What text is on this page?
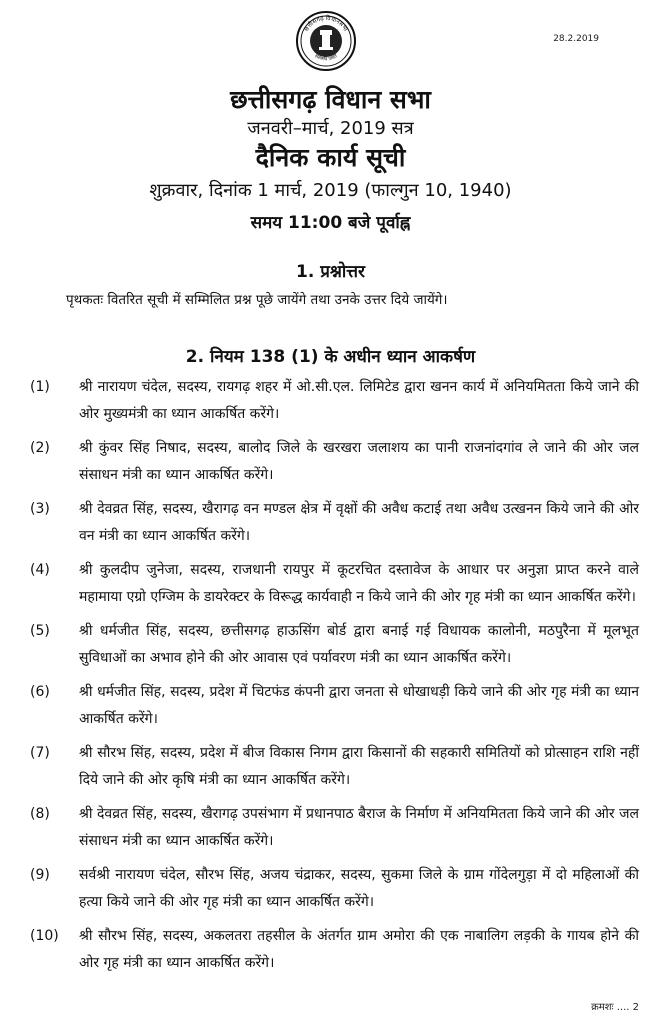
28.2.2019
छत्तीसगढ़ विधानसभा
सत्यमेव जयते
छत्तीसगढ़ विधान सभा
जनवरी–मार्च, 2019 सत्र
दैनिक कार्य सूची
शुक्रवार, दिनांक 1 मार्च, 2019 (फाल्गुन 10, 1940)
समय 11:00 बजे पूर्वाह्न
1. प्रश्नोत्तर
पृथकतः वितरित सूची में सम्मिलित प्रश्न पूछे जायेंगे तथा उनके उत्तर दिये जायेंगे।
2. नियम 138 (1) के अधीन ध्यान आकर्षण
(1) श्री नारायण चंदेल, सदस्य, रायगढ़ शहर में ओ.सी.एल. लिमिटेड द्वारा खनन कार्य में अनियमितता किये जाने की ओर मुख्यमंत्री का ध्यान आकर्षित करेंगे।
(2) श्री कुंवर सिंह निषाद, सदस्य, बालोद जिले के खरखरा जलाशय का पानी राजनांदगांव ले जाने की ओर जल संसाधन मंत्री का ध्यान आकर्षित करेंगे।
(3) श्री देवव्रत सिंह, सदस्य, खैरागढ़ वन मण्डल क्षेत्र में वृक्षों की अवैध कटाई तथा अवैध उत्खनन किये जाने की ओर वन मंत्री का ध्यान आकर्षित करेंगे।
(4) श्री कुलदीप जुनेजा, सदस्य, राजधानी रायपुर में कूटरचित दस्तावेज के आधार पर अनुज्ञा प्राप्त करने वाले महामाया एग्रो एग्जिम के डायरेक्टर के विरूद्ध कार्यवाही न किये जाने की ओर गृह मंत्री का ध्यान आकर्षित करेंगे।
(5) श्री धर्मजीत सिंह, सदस्य, छत्तीसगढ़ हाऊसिंग बोर्ड द्वारा बनाई गई विधायक कालोनी, मठपुरैना में मूलभूत सुविधाओं का अभाव होने की ओर आवास एवं पर्यावरण मंत्री का ध्यान आकर्षित करेंगे।
(6) श्री धर्मजीत सिंह, सदस्य, प्रदेश में चिटफंड कंपनी द्वारा जनता से धोखाधड़ी किये जाने की ओर गृह मंत्री का ध्यान आकर्षित करेंगे।
(7) श्री सौरभ सिंह, सदस्य, प्रदेश में बीज विकास निगम द्वारा किसानों की सहकारी समितियों को प्रोत्साहन राशि नहीं दिये जाने की ओर कृषि मंत्री का ध्यान आकर्षित करेंगे।
(8) श्री देवव्रत सिंह, सदस्य, खैरागढ़ उपसंभाग में प्रधानपाठ बैराज के निर्माण में अनियमितता किये जाने की ओर जल संसाधन मंत्री का ध्यान आकर्षित करेंगे।
(9) सर्वश्री नारायण चंदेल, सौरभ सिंह, अजय चंद्राकर, सदस्य, सुकमा जिले के ग्राम गोंदेलगुड़ा में दो महिलाओं की हत्या किये जाने की ओर गृह मंत्री का ध्यान आकर्षित करेंगे।
(10) श्री सौरभ सिंह, सदस्य, अकलतरा तहसील के अंतर्गत ग्राम अमोरा की एक नाबालिग लड़की के गायब होने की ओर गृह मंत्री का ध्यान आकर्षित करेंगे।
क्रमशः .... 2
